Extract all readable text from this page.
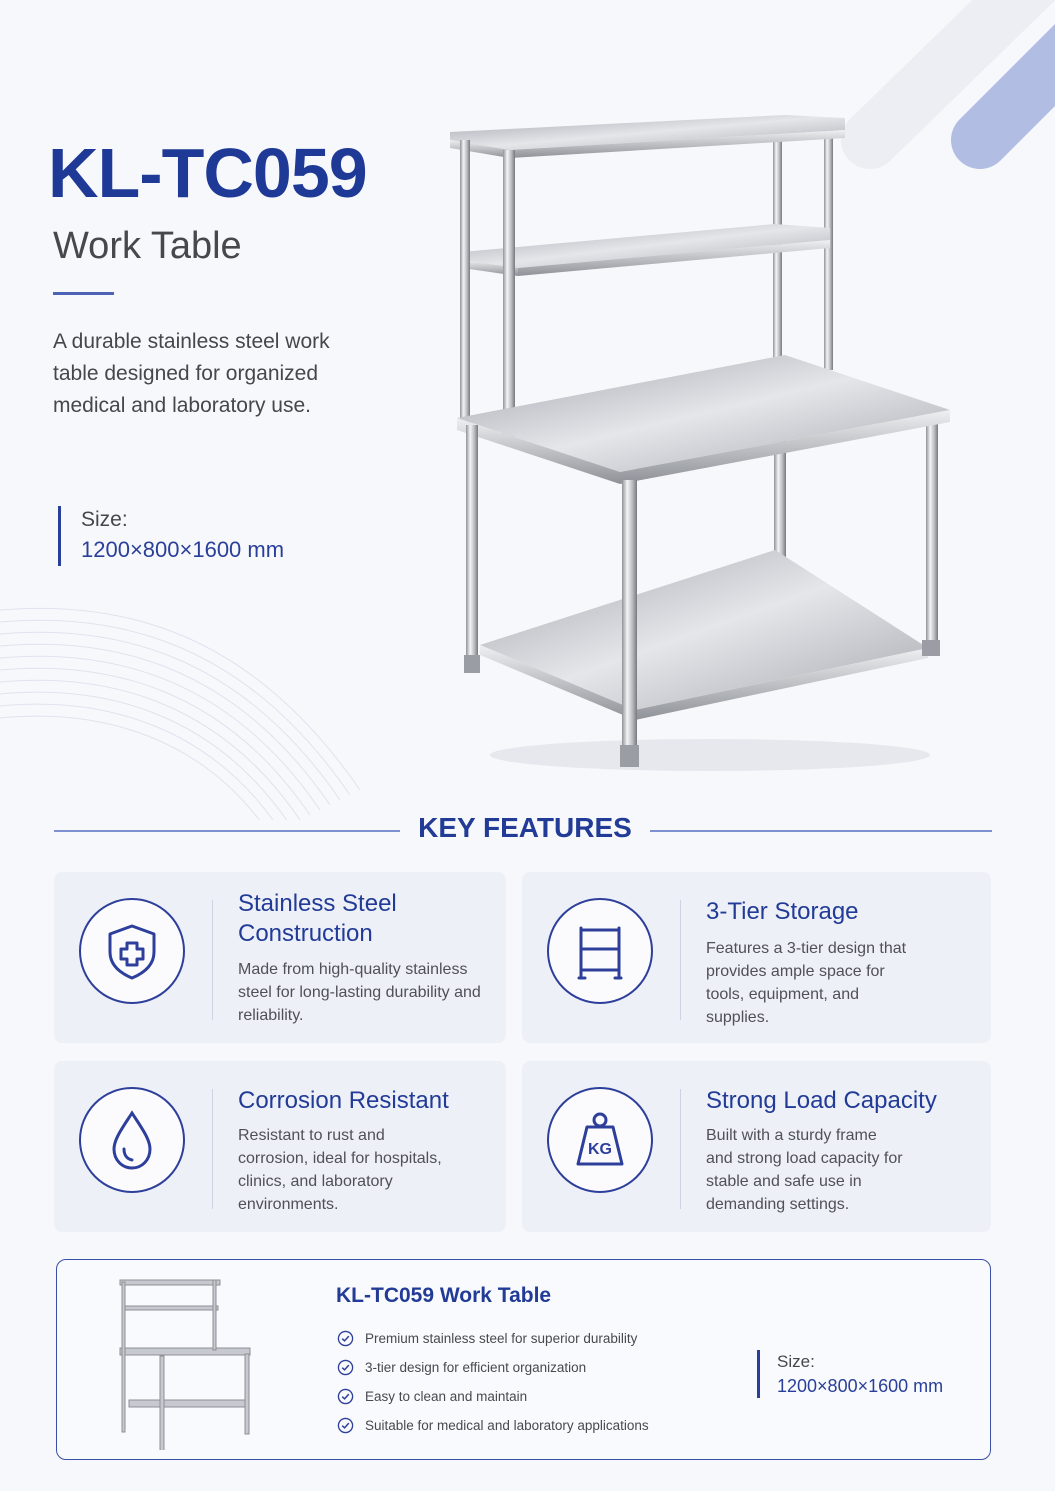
KL-TC059
Work Table

A durable stainless steel work table designed for organized medical and laboratory use.

Size:
1200×800×1600 mm
KEY FEATURES
Stainless Steel Construction

Made from high-quality stainless steel for long-lasting durability and reliability.

3-Tier Storage

Features a 3-tier design that provides ample space for tools, equipment, and supplies.

Corrosion Resistant

Resistant to rust and corrosion, ideal for hospitals, clinics, and laboratory environments.

KG
Strong Load Capacity

Built with a sturdy frame and strong load capacity for stable and safe use in demanding settings.

KL-TC059 Work Table
Premium stainless steel for superior durability
3-tier design for efficient organization
Easy to clean and maintain
Suitable for medical and laboratory applications
Size:
1200×800×1600 mm
